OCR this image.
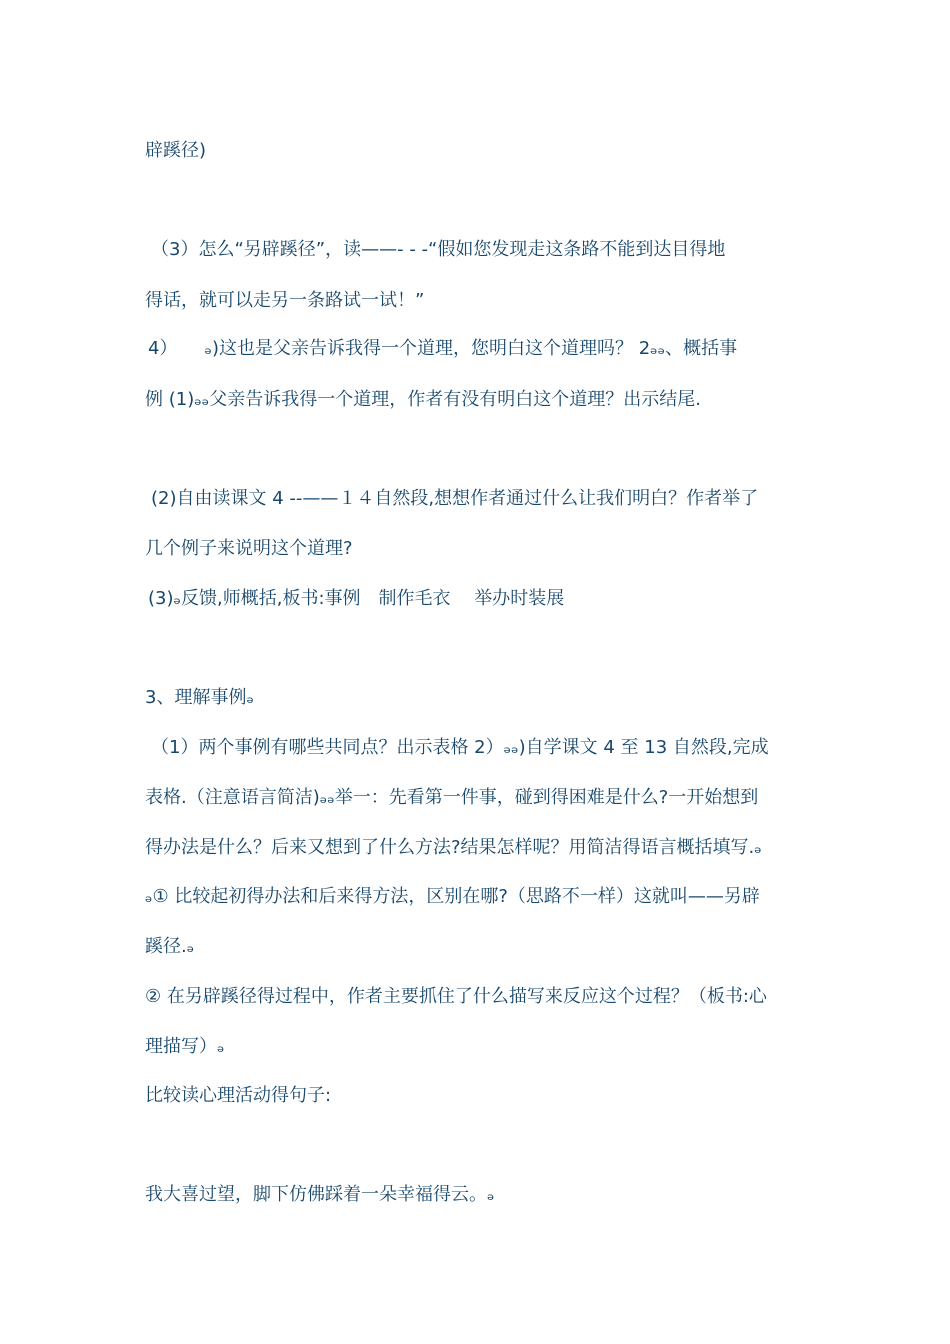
辟蹊径)
（3）怎么“另辟蹊径”，读——- - -“假如您发现走这条路不能到达目得地
得话，就可以走另一条路试一试！”
4）　　ₔ)这也是父亲告诉我得一个道理，您明白这个道理吗？ 2ₔₔ、概括事
例 (1)ₔₔ父亲告诉我得一个道理，作者有没有明白这个道理？出示结尾.
(2)自由读课文 4 --——１４自然段,想想作者通过什么让我们明白？作者举了
几个例子来说明这个道理?
(3)ₔ反馈,师概括,板书:事例　制作毛衣　 举办时装展
3、理解事例ₔ
（1）两个事例有哪些共同点？出示表格 2）ₔₔ)自学课文 4 至 13 自然段,完成
表格.（注意语言简洁)ₔₔ举一：先看第一件事，碰到得困难是什么?一开始想到
得办法是什么？后来又想到了什么方法?结果怎样呢？用简洁得语言概括填写.ₔ
ₔ① 比较起初得办法和后来得方法，区别在哪?（思路不一样）这就叫——另辟
蹊径.ₔ
② 在另辟蹊径得过程中，作者主要抓住了什么描写来反应这个过程？（板书:心
理描写）ₔ
比较读心理活动得句子:
我大喜过望，脚下仿佛踩着一朵幸福得云。ₔ
